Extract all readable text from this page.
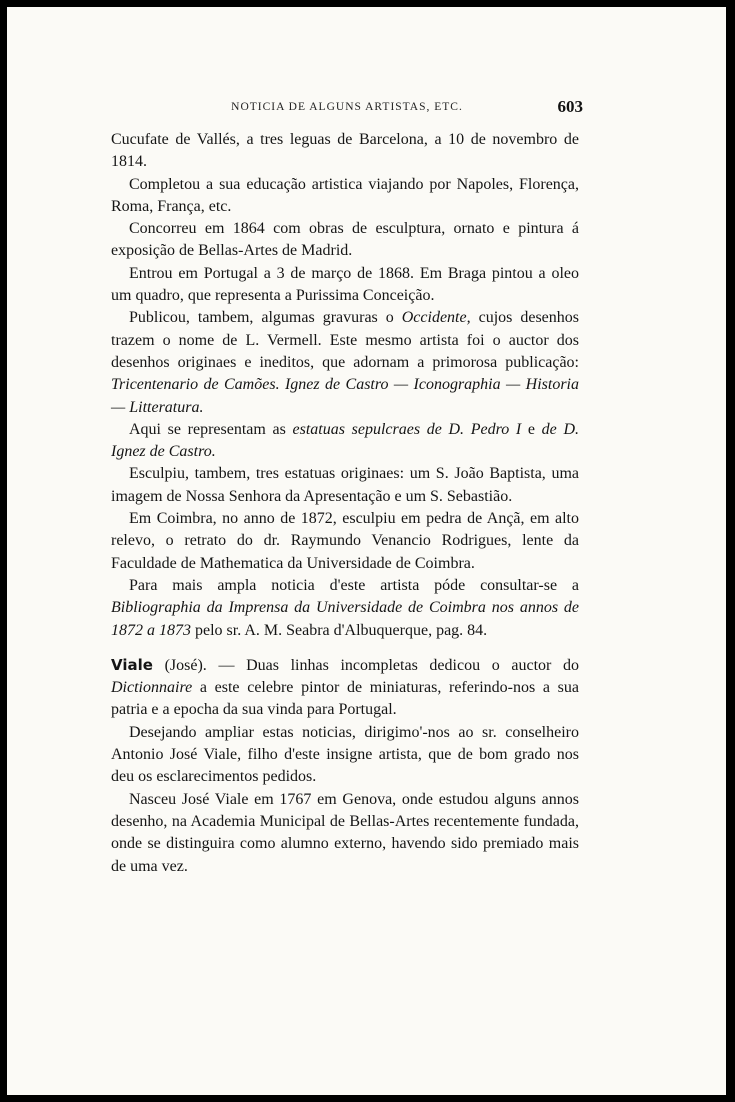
NOTICIA DE ALGUNS ARTISTAS, ETC.	603

Cucufate de Vallés, a tres leguas de Barcelona, a 10 de novembro de 1814.

Completou a sua educação artistica viajando por Napoles, Florença, Roma, França, etc.

Concorreu em 1864 com obras de esculptura, ornato e pintura á exposição de Bellas-Artes de Madrid.

Entrou em Portugal a 3 de março de 1868. Em Braga pintou a oleo um quadro, que representa a Purissima Conceição.

Publicou, tambem, algumas gravuras o Occidente, cujos desenhos trazem o nome de L. Vermell. Este mesmo artista foi o auctor dos desenhos originaes e ineditos, que adornam a primorosa publicação: Tricentenario de Camões. Ignez de Castro — Iconographia — Historia — Litteratura.

Aqui se representam as estatuas sepulcraes de D. Pedro I e de D. Ignez de Castro.

Esculpiu, tambem, tres estatuas originaes: um S. João Baptista, uma imagem de Nossa Senhora da Apresentação e um S. Sebastião.

Em Coimbra, no anno de 1872, esculpiu em pedra de Ançã, em alto relevo, o retrato do dr. Raymundo Venancio Rodrigues, lente da Faculdade de Mathematica da Universidade de Coimbra.

Para mais ampla noticia d'este artista póde consultar-se a Bibliographia da Imprensa da Universidade de Coimbra nos annos de 1872 a 1873 pelo sr. A. M. Seabra d'Albuquerque, pag. 84.

Viale (José). — Duas linhas incompletas dedicou o auctor do Dictionnaire a este celebre pintor de miniaturas, referindo-nos a sua patria e a epocha da sua vinda para Portugal.

Desejando ampliar estas noticias, dirigimo'-nos ao sr. conselheiro Antonio José Viale, filho d'este insigne artista, que de bom grado nos deu os esclarecimentos pedidos.

Nasceu José Viale em 1767 em Genova, onde estudou alguns annos desenho, na Academia Municipal de Bellas-Artes recentemente fundada, onde se distinguira como alumno externo, havendo sido premiado mais de uma vez.
